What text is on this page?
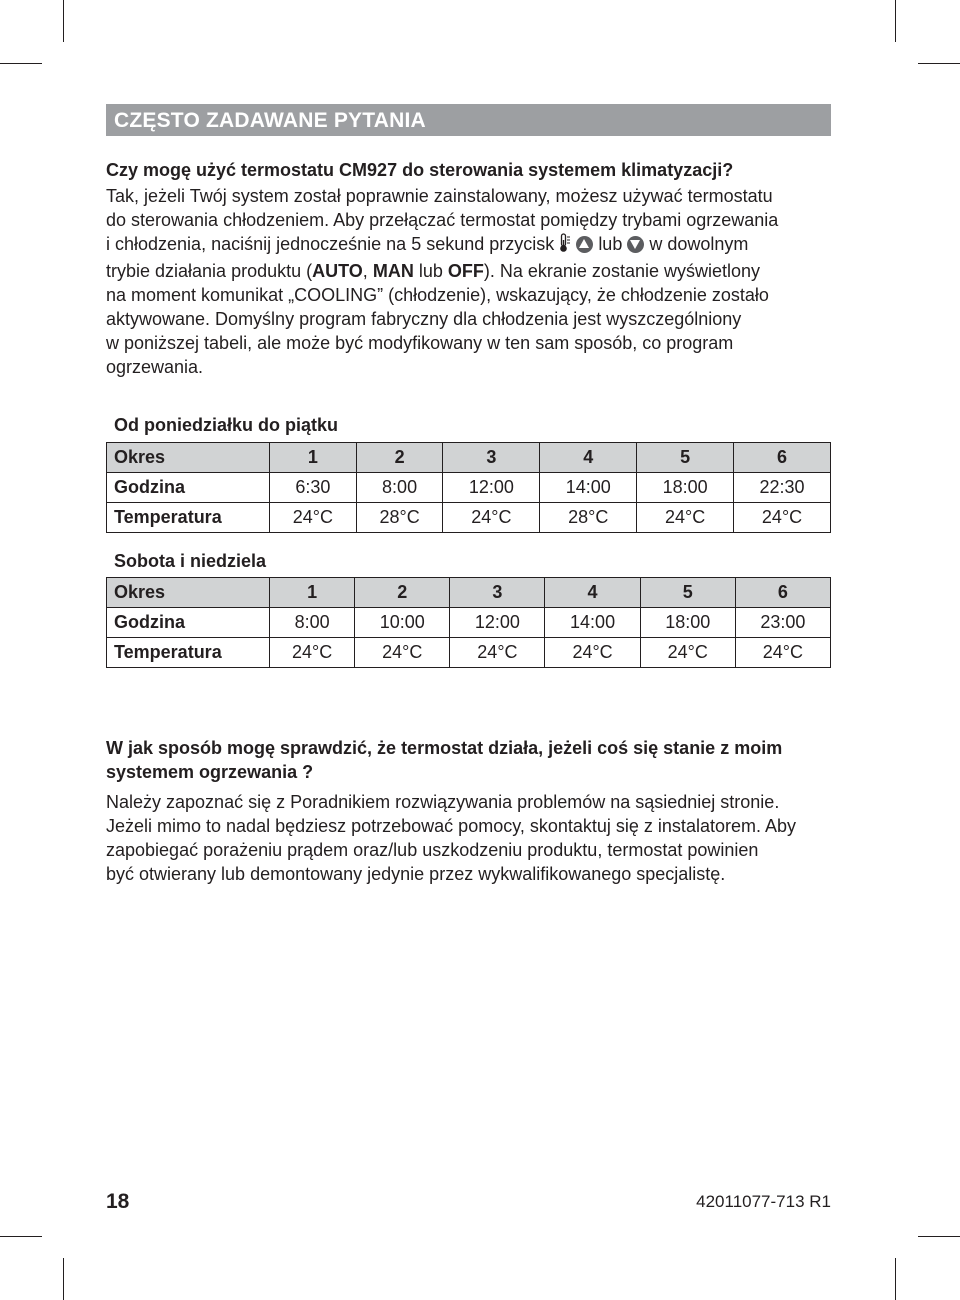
CZĘSTO ZADAWANE PYTANIA

Czy mogę użyć termostatu CM927 do sterowania systemem klimatyzacji?

Tak, jeżeli Twój system został poprawnie zainstalowany, możesz używać termostatu

do sterowania chłodzeniem. Aby przełączać termostat pomiędzy trybami ogrzewania

i chłodzenia, naciśnij jednocześnie na 5 sekund przycisk lub w dowolnym

trybie działania produktu (AUTO, MAN lub OFF). Na ekranie zostanie wyświetlony

na moment komunikat „COOLING” (chłodzenie), wskazujący, że chłodzenie zostało

aktywowane. Domyślny program fabryczny dla chłodzenia jest wyszczególniony

w poniższej tabeli, ale może być modyfikowany w ten sam sposób, co program

ogrzewania.

Od poniedziałku do piątku
Okres	1	2	3	4	5	6
Godzina	6:30	8:00	12:00	14:00	18:00	22:30
Temperatura	24°C	28°C	24°C	28°C	24°C	24°C
Sobota i niedziela
Okres	1	2	3	4	5	6
Godzina	8:00	10:00	12:00	14:00	18:00	23:00
Temperatura	24°C	24°C	24°C	24°C	24°C	24°C

W jak sposób mogę sprawdzić, że termostat działa, jeżeli coś się stanie z moim

systemem ogrzewania ?

Należy zapoznać się z Poradnikiem rozwiązywania problemów na sąsiedniej stronie.

Jeżeli mimo to nadal będziesz potrzebować pomocy, skontaktuj się z instalatorem. Aby

zapobiegać porażeniu prądem oraz/lub uszkodzeniu produktu, termostat powinien

być otwierany lub demontowany jedynie przez wykwalifikowanego specjalistę.

18	42011077-713 R1
